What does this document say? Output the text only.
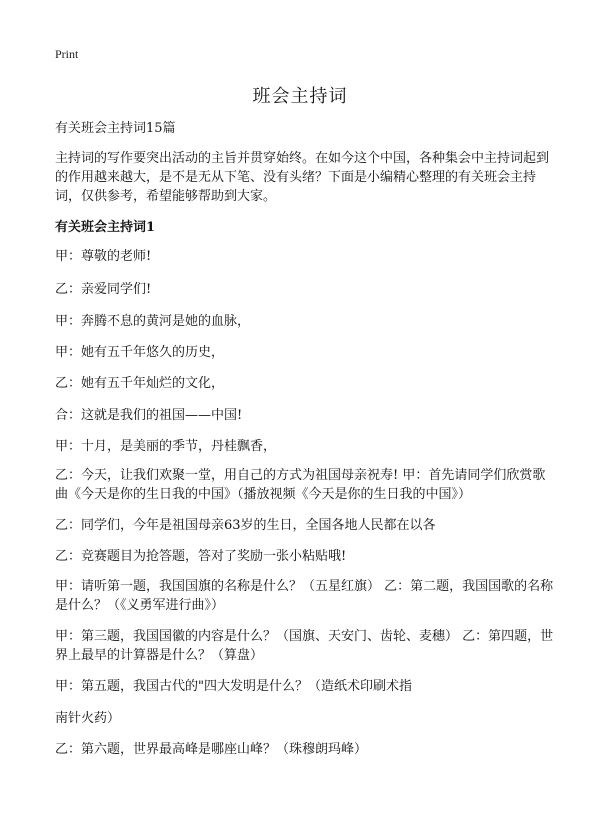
Print
班会主持词
有关班会主持词15篇
主持词的写作要突出活动的主旨并贯穿始终。在如今这个中国，各种集会中主持词起到的作用越来越大，是不是无从下笔、没有头绪？下面是小编精心整理的有关班会主持词，仅供参考，希望能够帮助到大家。
有关班会主持词1
甲：尊敬的老师!
乙：亲爱同学们!
甲：奔腾不息的黄河是她的血脉，
甲：她有五千年悠久的历史，
乙：她有五千年灿烂的文化，
合：这就是我们的祖国——中国!
甲：十月，是美丽的季节，丹桂飘香，
乙：今天，让我们欢聚一堂，用自己的方式为祖国母亲祝寿! 甲：首先请同学们欣赏歌曲《今天是你的生日我的中国》（播放视频《今天是你的生日我的中国》）
乙：同学们，今年是祖国母亲63岁的生日，全国各地人民都在以各
乙：竞赛题目为抢答题，答对了奖励一张小粘贴哦!
甲：请听第一题，我国国旗的名称是什么？（五星红旗） 乙：第二题，我国国歌的名称是什么？（《义勇军进行曲》）
甲：第三题，我国国徽的内容是什么？（国旗、天安门、齿轮、麦穗） 乙：第四题，世界上最早的计算器是什么？（算盘）
甲：第五题，我国古代的"四大发明是什么？（造纸术印刷术指
南针火药）
乙：第六题，世界最高峰是哪座山峰？（珠穆朗玛峰）
